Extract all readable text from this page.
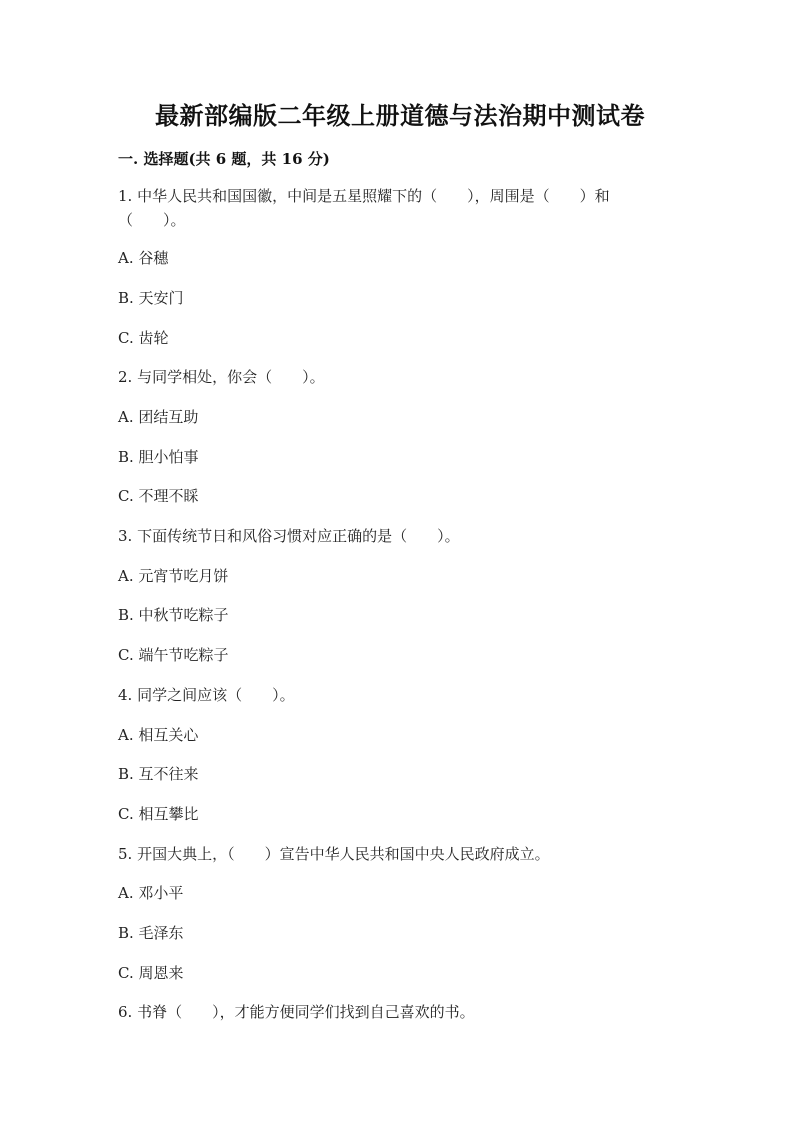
最新部编版二年级上册道德与法治期中测试卷
一. 选择题(共 6 题，共 16 分)
1. 中华人民共和国国徽，中间是五星照耀下的（　　），周围是（　　）和
（　　）。
A. 谷穗
B. 天安门
C. 齿轮
2. 与同学相处，你会（　　）。
A. 团结互助
B. 胆小怕事
C. 不理不睬
3. 下面传统节日和风俗习惯对应正确的是（　　）。
A. 元宵节吃月饼
B. 中秋节吃粽子
C. 端午节吃粽子
4. 同学之间应该（　　）。
A. 相互关心
B. 互不往来
C. 相互攀比
5. 开国大典上，（　　）宣告中华人民共和国中央人民政府成立。
A. 邓小平
B. 毛泽东
C. 周恩来
6. 书脊（　　），才能方便同学们找到自己喜欢的书。
